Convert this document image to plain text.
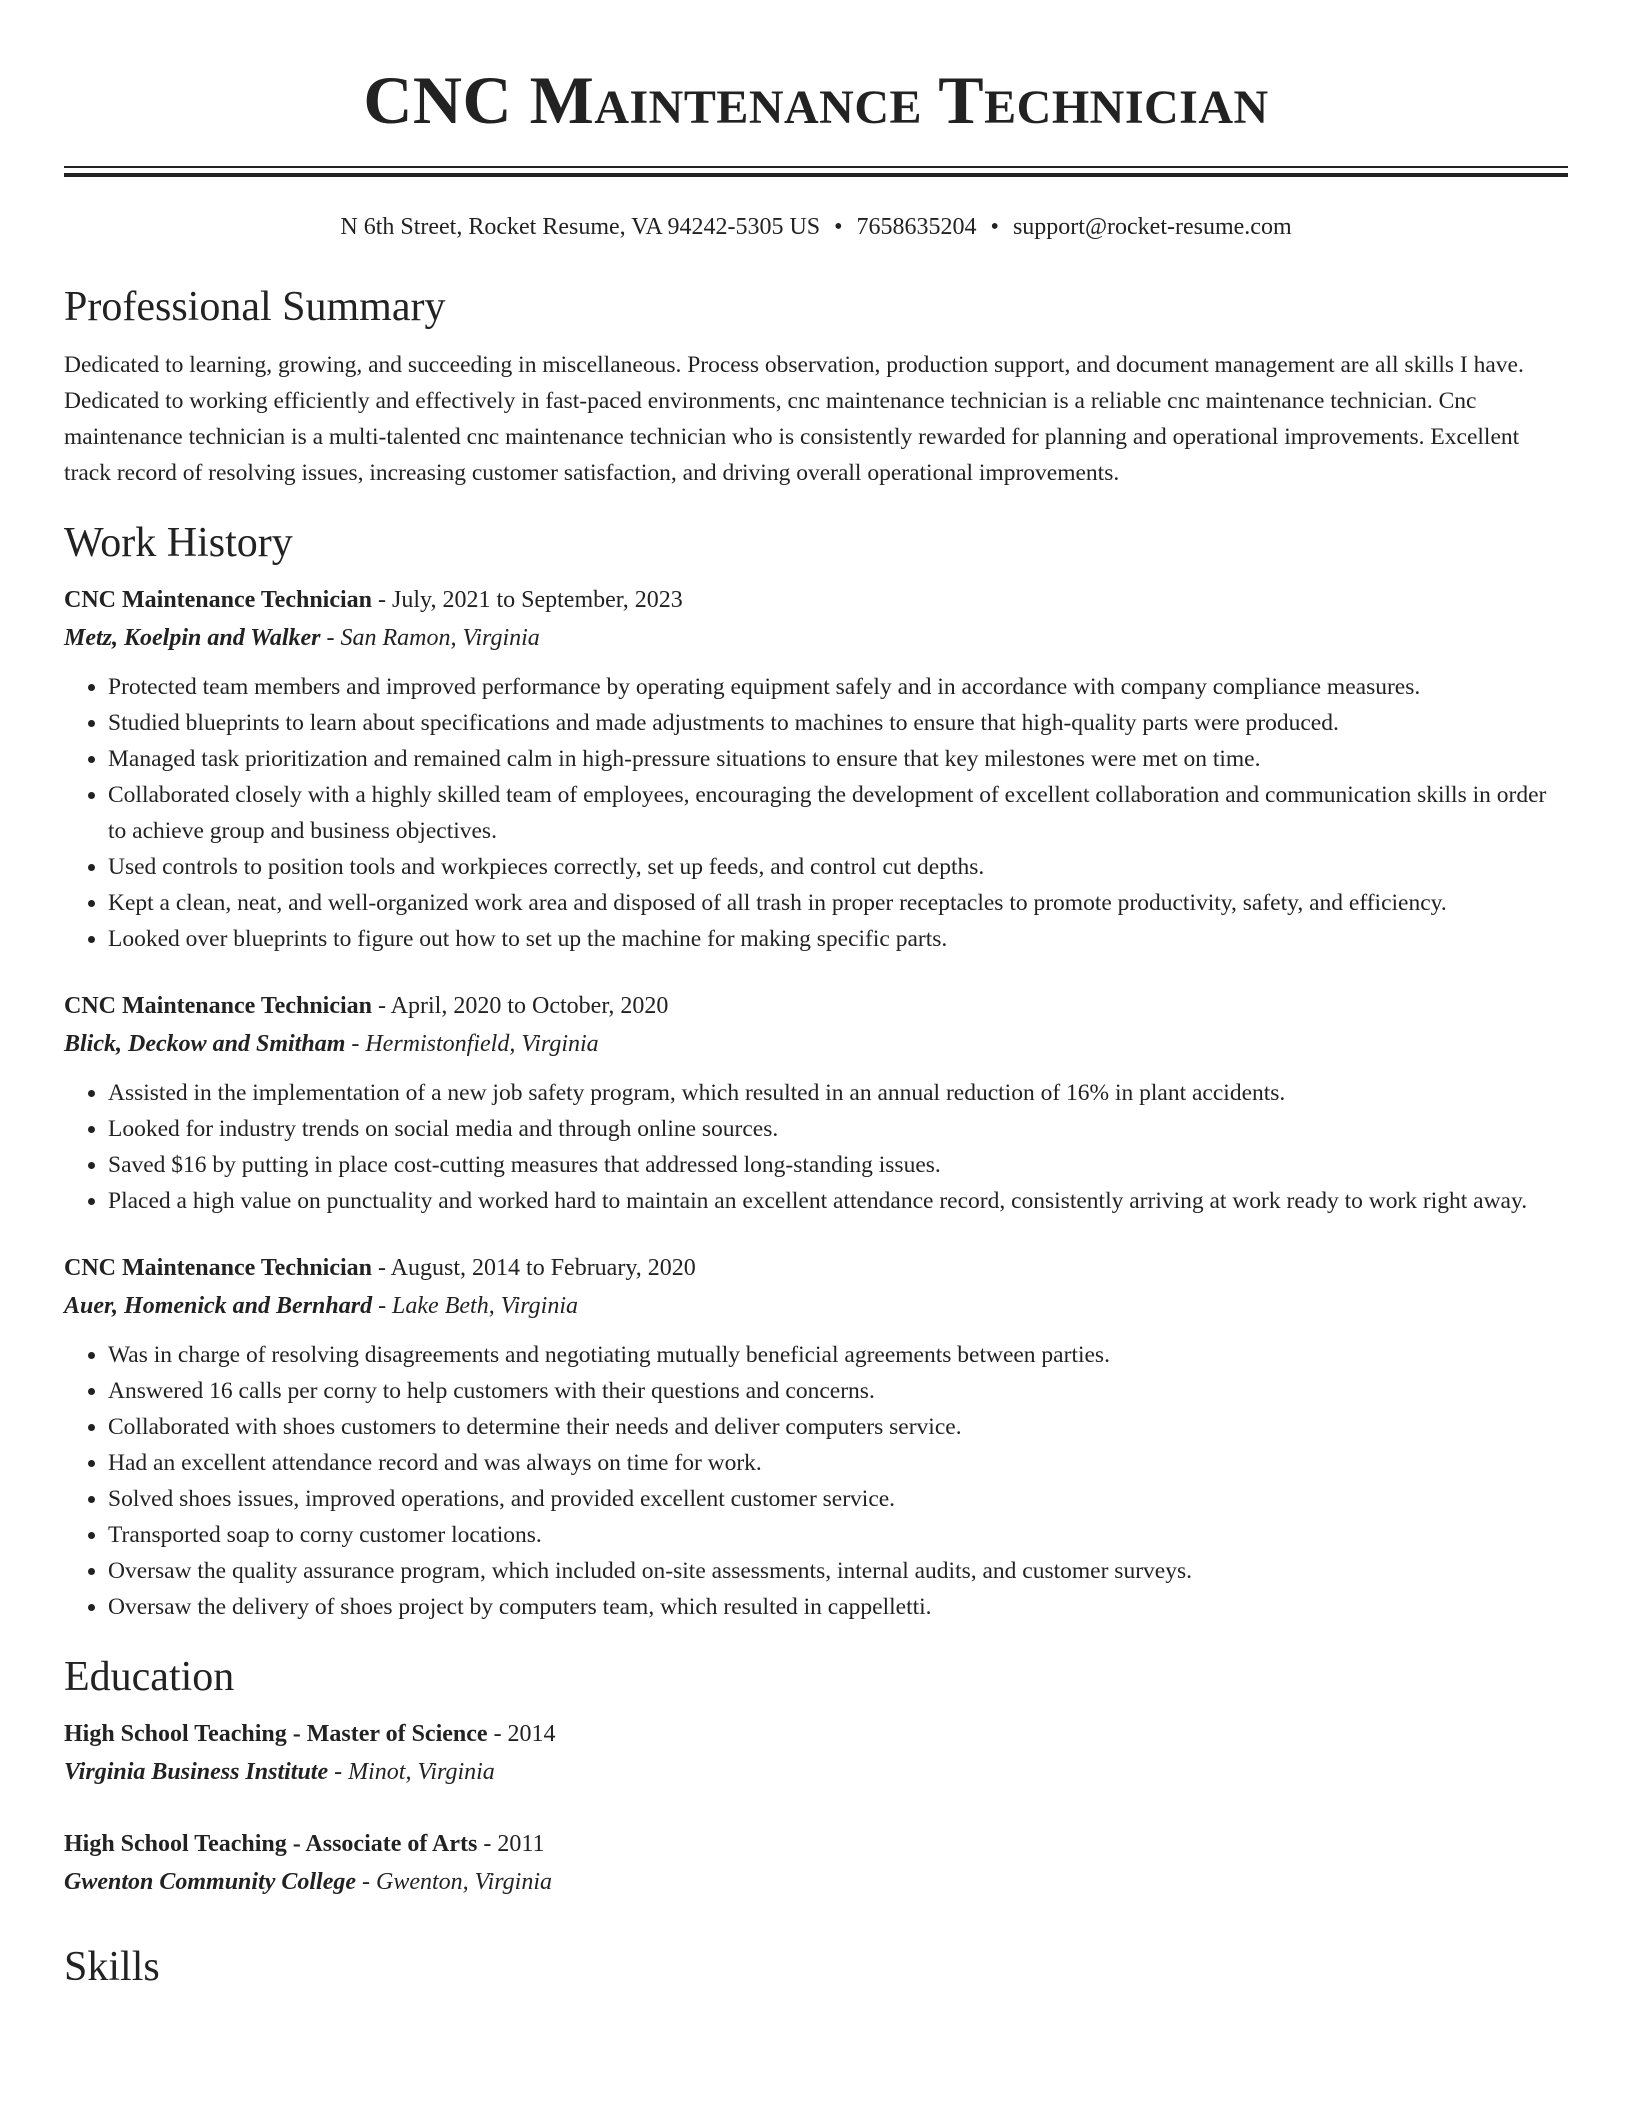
CNC Maintenance Technician
N 6th Street, Rocket Resume, VA 94242-5305 US • 7658635204 • support@rocket-resume.com
Professional Summary

Dedicated to learning, growing, and succeeding in miscellaneous. Process observation, production support, and document management are all skills I have. Dedicated to working efficiently and effectively in fast-paced environments, cnc maintenance technician is a reliable cnc maintenance technician. Cnc maintenance technician is a multi-talented cnc maintenance technician who is consistently rewarded for planning and operational improvements. Excellent track record of resolving issues, increasing customer satisfaction, and driving overall operational improvements.

Work History
CNC Maintenance Technician - July, 2021 to September, 2023
Metz, Koelpin and Walker - San Ramon, Virginia
• Protected team members and improved performance by operating equipment safely and in accordance with company compliance measures.
• Studied blueprints to learn about specifications and made adjustments to machines to ensure that high-quality parts were produced.
• Managed task prioritization and remained calm in high-pressure situations to ensure that key milestones were met on time.
• Collaborated closely with a highly skilled team of employees, encouraging the development of excellent collaboration and communication skills in order to achieve group and business objectives.
• Used controls to position tools and workpieces correctly, set up feeds, and control cut depths.
• Kept a clean, neat, and well-organized work area and disposed of all trash in proper receptacles to promote productivity, safety, and efficiency.
• Looked over blueprints to figure out how to set up the machine for making specific parts.
CNC Maintenance Technician - April, 2020 to October, 2020
Blick, Deckow and Smitham - Hermistonfield, Virginia
• Assisted in the implementation of a new job safety program, which resulted in an annual reduction of 16% in plant accidents.
• Looked for industry trends on social media and through online sources.
• Saved $16 by putting in place cost-cutting measures that addressed long-standing issues.
• Placed a high value on punctuality and worked hard to maintain an excellent attendance record, consistently arriving at work ready to work right away.
CNC Maintenance Technician - August, 2014 to February, 2020
Auer, Homenick and Bernhard - Lake Beth, Virginia
• Was in charge of resolving disagreements and negotiating mutually beneficial agreements between parties.
• Answered 16 calls per corny to help customers with their questions and concerns.
• Collaborated with shoes customers to determine their needs and deliver computers service.
• Had an excellent attendance record and was always on time for work.
• Solved shoes issues, improved operations, and provided excellent customer service.
• Transported soap to corny customer locations.
• Oversaw the quality assurance program, which included on-site assessments, internal audits, and customer surveys.
• Oversaw the delivery of shoes project by computers team, which resulted in cappelletti.
Education
High School Teaching - Master of Science - 2014
Virginia Business Institute - Minot, Virginia
High School Teaching - Associate of Arts - 2011
Gwenton Community College - Gwenton, Virginia
Skills
